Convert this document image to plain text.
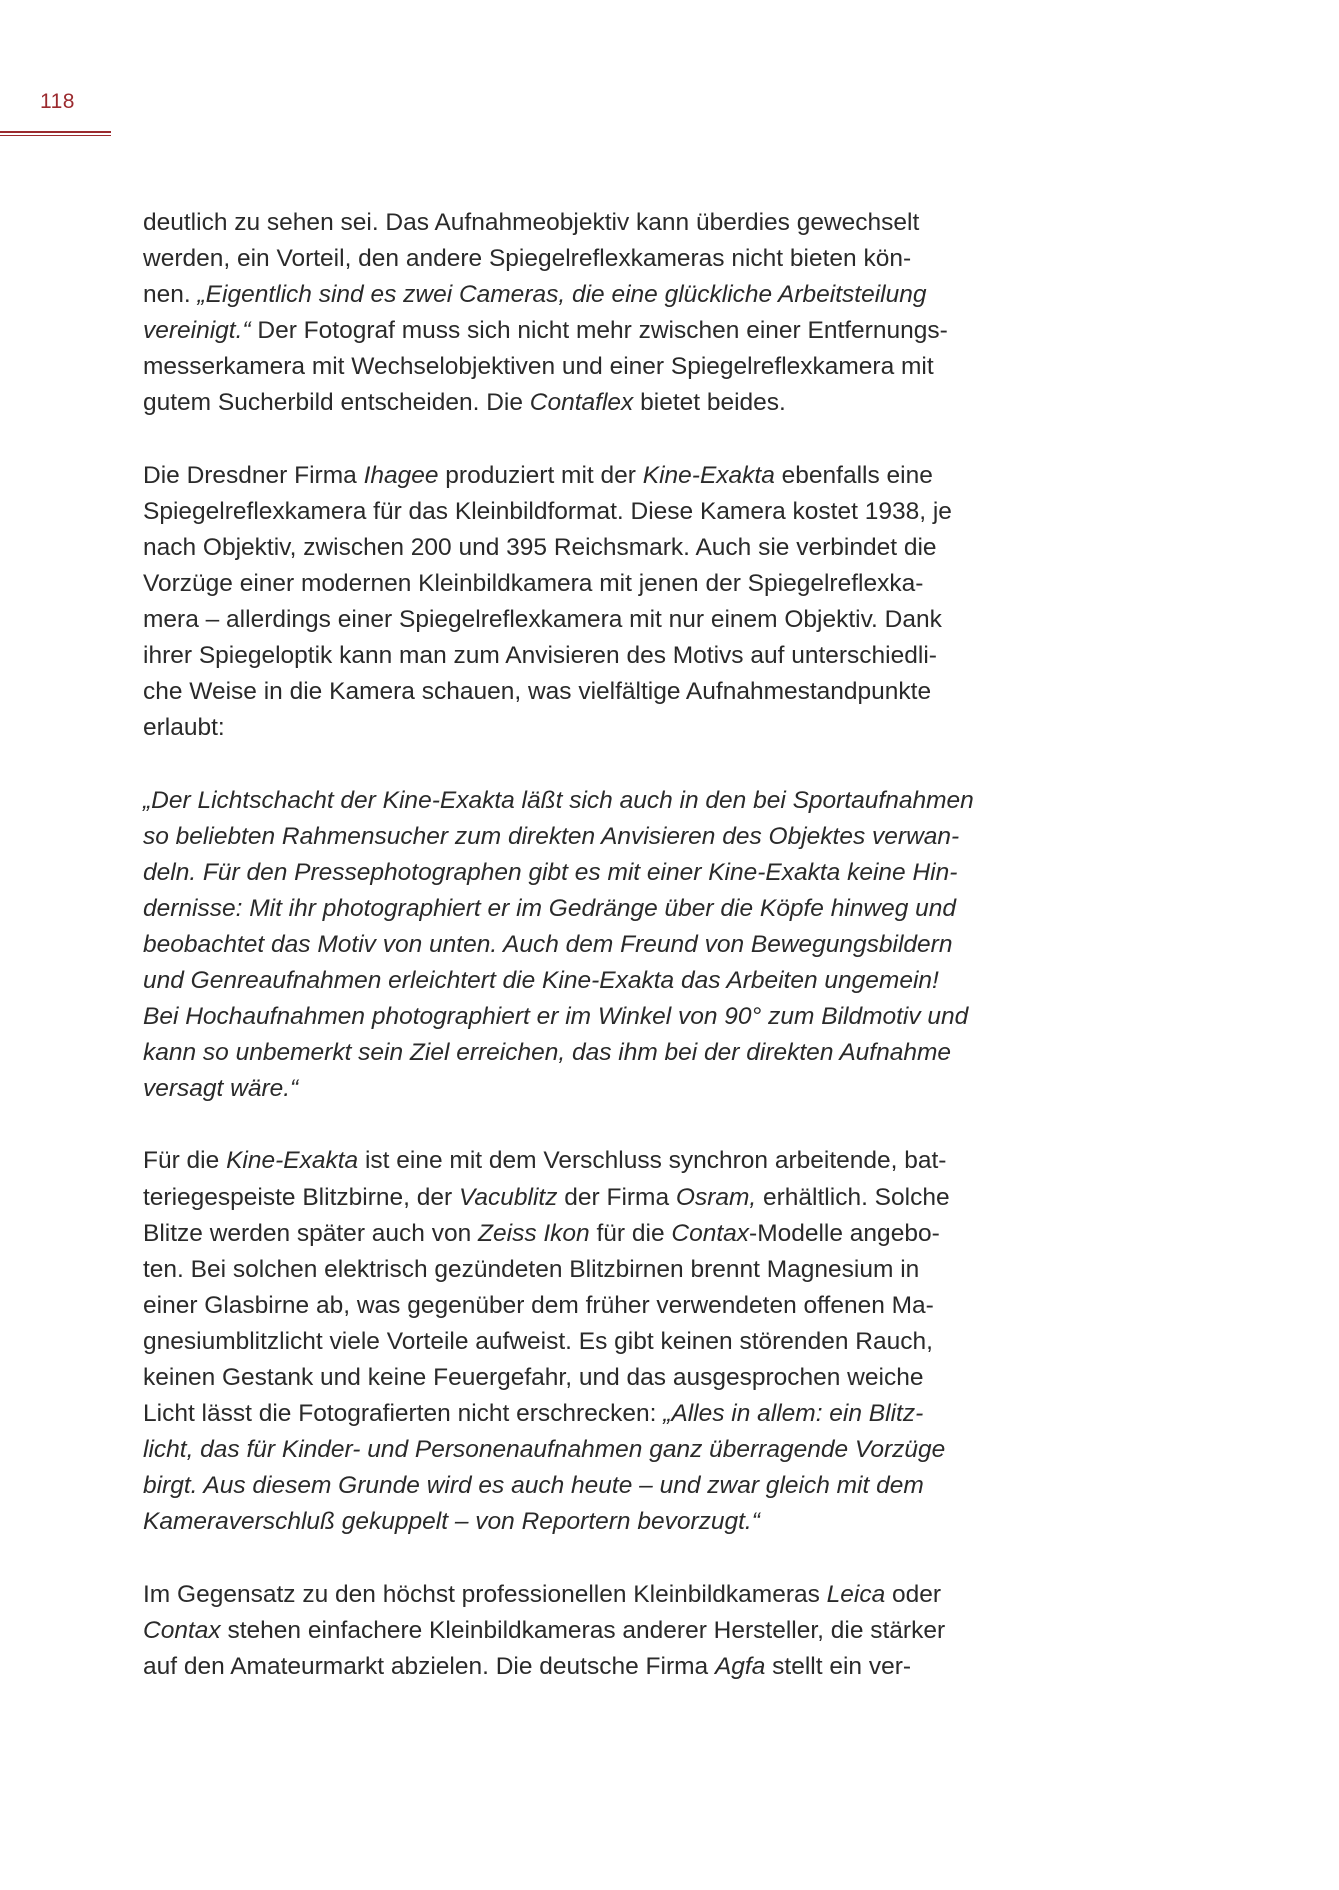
118

deutlich zu sehen sei. Das Aufnahmeobjektiv kann überdies gewechselt
werden, ein Vorteil, den andere Spiegelreflexkameras nicht bieten kön-
nen. „Eigentlich sind es zwei Cameras, die eine glückliche Arbeitsteilung
vereinigt.“ Der Fotograf muss sich nicht mehr zwischen einer Entfernungs-
messerkamera mit Wechselobjektiven und einer Spiegelreflexkamera mit
gutem Sucherbild entscheiden. Die Contaflex bietet beides.

Die Dresdner Firma Ihagee produziert mit der Kine-Exakta ebenfalls eine
Spiegelreflexkamera für das Kleinbildformat. Diese Kamera kostet 1938, je
nach Objektiv, zwischen 200 und 395 Reichsmark. Auch sie verbindet die
Vorzüge einer modernen Kleinbildkamera mit jenen der Spiegelreflexka-
mera – allerdings einer Spiegelreflexkamera mit nur einem Objektiv. Dank
ihrer Spiegeloptik kann man zum Anvisieren des Motivs auf unterschiedli-
che Weise in die Kamera schauen, was vielfältige Aufnahmestandpunkte
erlaubt:

„Der Lichtschacht der Kine-Exakta läßt sich auch in den bei Sportaufnahmen
so beliebten Rahmensucher zum direkten Anvisieren des Objektes verwan-
deln. Für den Pressephotographen gibt es mit einer Kine-Exakta keine Hin-
dernisse: Mit ihr photographiert er im Gedränge über die Köpfe hinweg und
beobachtet das Motiv von unten. Auch dem Freund von Bewegungsbildern
und Genreaufnahmen erleichtert die Kine-Exakta das Arbeiten ungemein!
Bei Hochaufnahmen photographiert er im Winkel von 90° zum Bildmotiv und
kann so unbemerkt sein Ziel erreichen, das ihm bei der direkten Aufnahme
versagt wäre.“

Für die Kine-Exakta ist eine mit dem Verschluss synchron arbeitende, bat-
teriegespeiste Blitzbirne, der Vacublitz der Firma Osram, erhältlich. Solche
Blitze werden später auch von Zeiss Ikon für die Contax-Modelle angebo-
ten. Bei solchen elektrisch gezündeten Blitzbirnen brennt Magnesium in
einer Glasbirne ab, was gegenüber dem früher verwendeten offenen Ma-
gnesiumblitzlicht viele Vorteile aufweist. Es gibt keinen störenden Rauch,
keinen Gestank und keine Feuergefahr, und das ausgesprochen weiche
Licht lässt die Fotografierten nicht erschrecken: „Alles in allem: ein Blitz-
licht, das für Kinder- und Personenaufnahmen ganz überragende Vorzüge
birgt. Aus diesem Grunde wird es auch heute – und zwar gleich mit dem
Kameraverschluß gekuppelt – von Reportern bevorzugt.“

Im Gegensatz zu den höchst professionellen Kleinbildkameras Leica oder
Contax stehen einfachere Kleinbildkameras anderer Hersteller, die stärker
auf den Amateurmarkt abzielen. Die deutsche Firma Agfa stellt ein ver-
